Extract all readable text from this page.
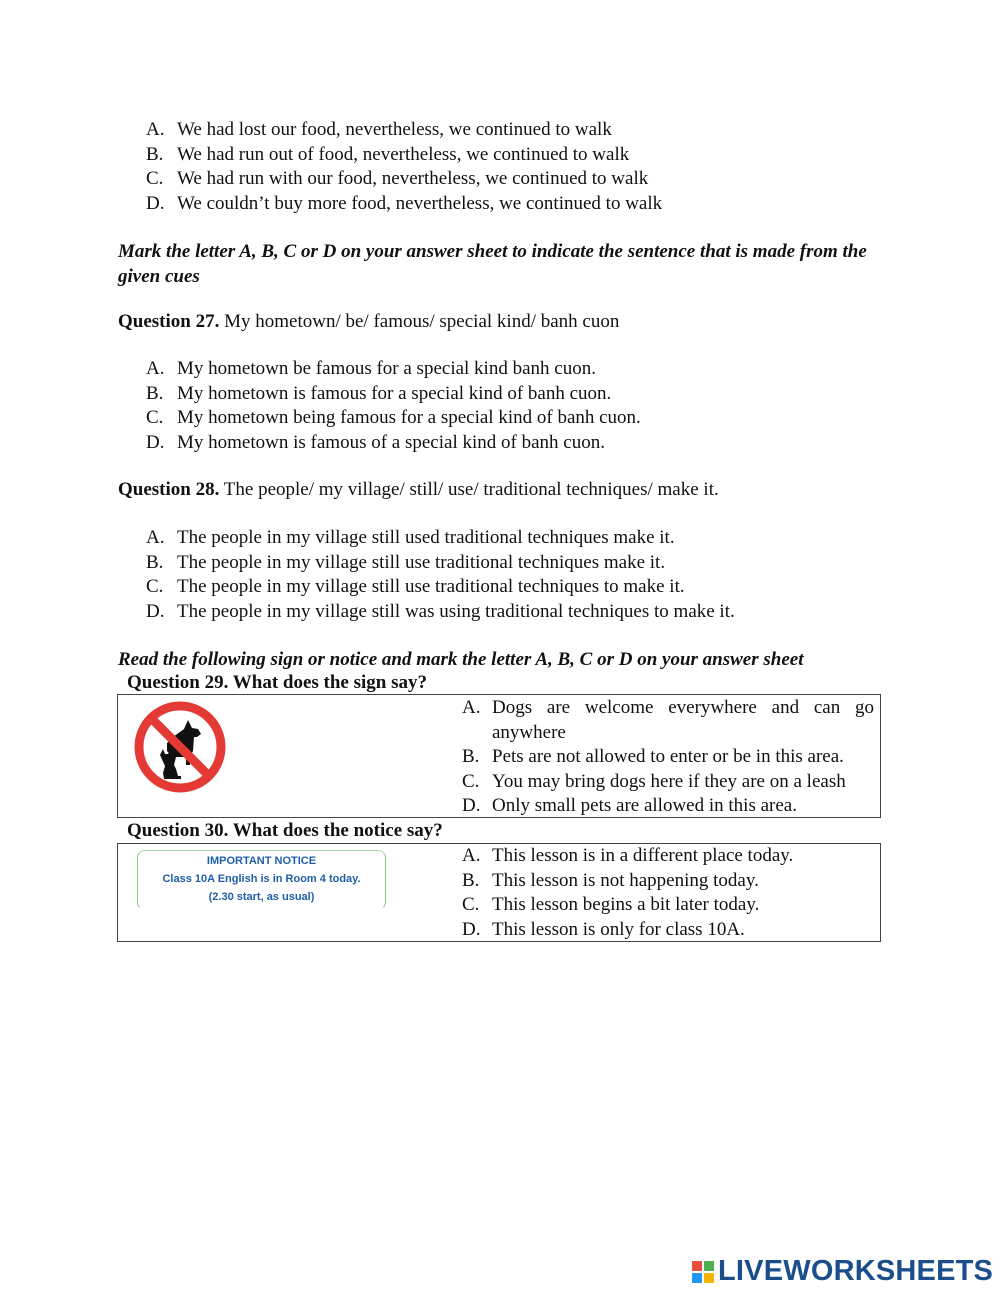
A. We had lost our food, nevertheless, we continued to walk
B. We had run out of food, nevertheless, we continued to walk
C. We had run with our food, nevertheless, we continued to walk
D. We couldn’t buy more food, nevertheless, we continued to walk

Mark the letter A, B, C or D on your answer sheet to indicate the sentence that is made from the given cues

Question 27. My hometown/ be/ famous/ special kind/ banh cuon

A. My hometown be famous for a special kind banh cuon.
B. My hometown is famous for a special kind of banh cuon.
C. My hometown being famous for a special kind of banh cuon.
D. My hometown is famous of a special kind of banh cuon.

Question 28. The people/ my village/ still/ use/ traditional techniques/ make it.

A. The people in my village still used traditional techniques make it.
B. The people in my village still use traditional techniques make it.
C. The people in my village still use traditional techniques to make it.
D. The people in my village still was using traditional techniques to make it.

Read the following sign or notice and mark the letter A, B, C or D on your answer sheet

Question 29. What does the sign say?

A. Dogs are welcome everywhere and can go anywhere
B. Pets are not allowed to enter or be in this area.
C. You may bring dogs here if they are on a leash
D. Only small pets are allowed in this area.

Question 30. What does the notice say?

IMPORTANT NOTICE
Class 10A English is in Room 4 today.
(2.30 start, as usual)
A. This lesson is in a different place today.
B. This lesson is not happening today.
C. This lesson begins a bit later today.
D. This lesson is only for class 10A.
LIVEWORKSHEETS
